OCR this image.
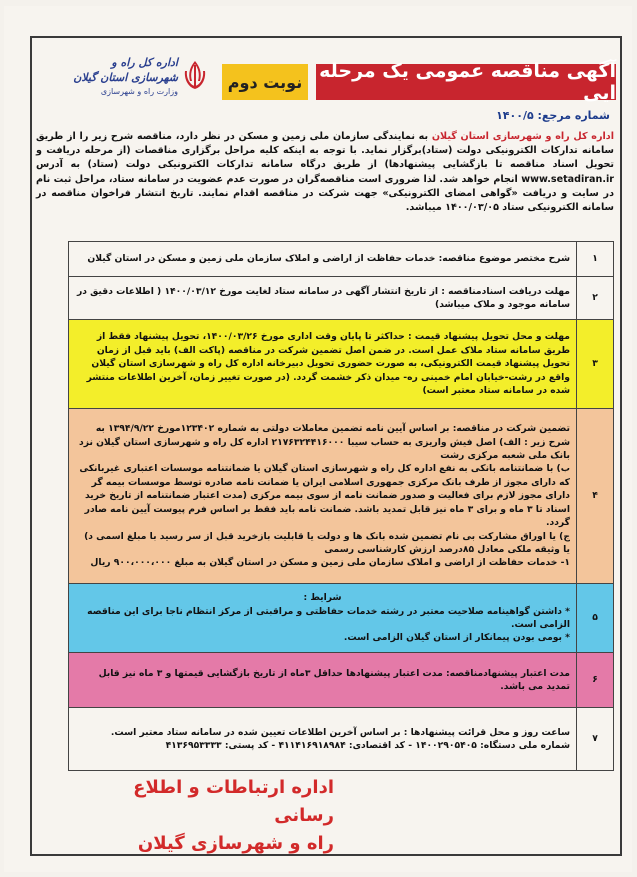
اداره کل راه و شهرسازی استان گیلان
وزارت راه و شهرسازی
آگهی مناقصه عمومی یک مرحله ایی
نوبت دوم
شماره مرجع: ۱۴۰۰/۵
اداره کل راه و شهرسازی استان گیلان به نمایندگی سازمان ملی زمین و مسکن در نظر دارد، مناقصه شرح زیر را از طریق سامانه تدارکات الکترونیکی دولت (ستاد)برگزار نماید. با توجه به اینکه کلیه مراحل برگزاری مناقصات (از مرحله دریافت و تحویل اسناد مناقصه تا بازگشایی پیشنهادها) از طریق درگاه سامانه تدارکات الکترونیکی دولت (ستاد) به آدرس www.setadiran.ir انجام خواهد شد. لذا ضروری است مناقصه‌گران در صورت عدم عضویت در سامانه ستاد، مراحل ثبت نام در سایت و دریافت «گواهی امضای الکترونیکی» جهت شرکت در مناقصه اقدام نمایند. تاریخ انتشار فراخوان مناقصه در سامانه الکترونیکی ستاد ۱۴۰۰/۰۳/۰۵ میباشد.
۱	شرح مختصر موضوع مناقصه: خدمات حفاظت از اراضی و املاک سازمان ملی زمین و مسکن در استان گیلان
۲	مهلت دریافت اسنادمناقصه : از تاریخ انتشار آگهی در سامانه ستاد لغایت مورخ ۱۴۰۰/۰۳/۱۲ ( اطلاعات دقیق در سامانه موجود و ملاک میباشد)
۳	مهلت و محل تحویل پیشنهاد قیمت : حداکثر تا پایان وقت اداری مورخ ۱۴۰۰/۰۳/۲۶، تحویل پیشنهاد فقط از طریق سامانه ستاد ملاک عمل است. در ضمن اصل تضمین شرکت در مناقصه (پاکت الف) باید قبل از زمان تحویل پیشنهاد قیمت الکترونیکی، به صورت حضوری تحویل دبیرخانه اداره کل راه و شهرسازی استان گیلان واقع در رشت-خیابان امام خمینی ره- میدان ذکر خشمت گردد. (در صورت تغییر زمان، آخرین اطلاعات منتشر شده در سامانه ستاد معتبر است)
۴	تضمین شرکت در مناقصه: بر اساس آیین نامه تضمین معاملات دولتی به شماره ۱۲۳۴۰۲مورخ ۱۳۹۴/۹/۲۲ به شرح زیر : الف) اصل فیش واریزی به حساب سیبا ۲۱۷۶۳۲۴۴۱۶۰۰۰ اداره کل راه و شهرسازی استان گیلان نزد بانک ملی شعبه مرکزی رشت
ب) با ضمانتنامه بانکی به نفع اداره کل راه و شهرسازی استان گیلان یا ضمانتنامه موسسات اعتباری غیربانکی که دارای مجوز از طرف بانک مرکزی جمهوری اسلامی ایران یا ضمانت نامه صادره توسط موسسات بیمه گر دارای مجوز لازم برای فعالیت و صدور ضمانت نامه از سوی بیمه مرکزی (مدت اعتبار ضمانتنامه از تاریخ خرید اسناد تا ۳ ماه و برای ۳ ماه نیز قابل تمدید باشد. ضمانت نامه باید فقط بر اساس فرم پیوست آیین نامه صادر گردد.
ج) یا اوراق مشارکت بی نام تضمین شده بانک ها و دولت یا قابلیت بازخرید قبل از سر رسید با مبلغ اسمی د) یا وثیقه ملکی معادل ۸۵درصد ارزش کارشناسی رسمی
۱- خدمات حفاظت از اراضی و املاک سازمان ملی زمین و مسکن در استان گیلان به مبلغ ۹۰۰،۰۰۰،۰۰۰ ریال

۵	شرایط :
* داشتن گواهینامه صلاحیت معتبر در رشته خدمات حفاظتی و مراقبتی از مرکز انتظام ناجا برای این مناقصه الزامی است.
* بومی بودن پیمانکار از استان گیلان الزامی است.

۶	مدت اعتبار پیشنهادمناقصه: مدت اعتبار پیشنهادها حداقل ۳ماه از تاریخ بازگشایی قیمتها و ۳ ماه نیز قابل تمدید می باشد.
۷	ساعت روز و محل قرائت پیشنهادها : بر اساس آخرین اطلاعات تعیین شده در سامانه ستاد معتبر است.
شماره ملی دستگاه: ۱۴۰۰۲۹۰۵۴۰۵ - کد اقتصادی: ۴۱۱۴۱۶۹۱۸۹۸۴ - کد پستی: ۴۱۳۶۹۵۳۳۳۳
اداره ارتباطات و اطلاع رسانی
راه و شهرسازی گیلان
